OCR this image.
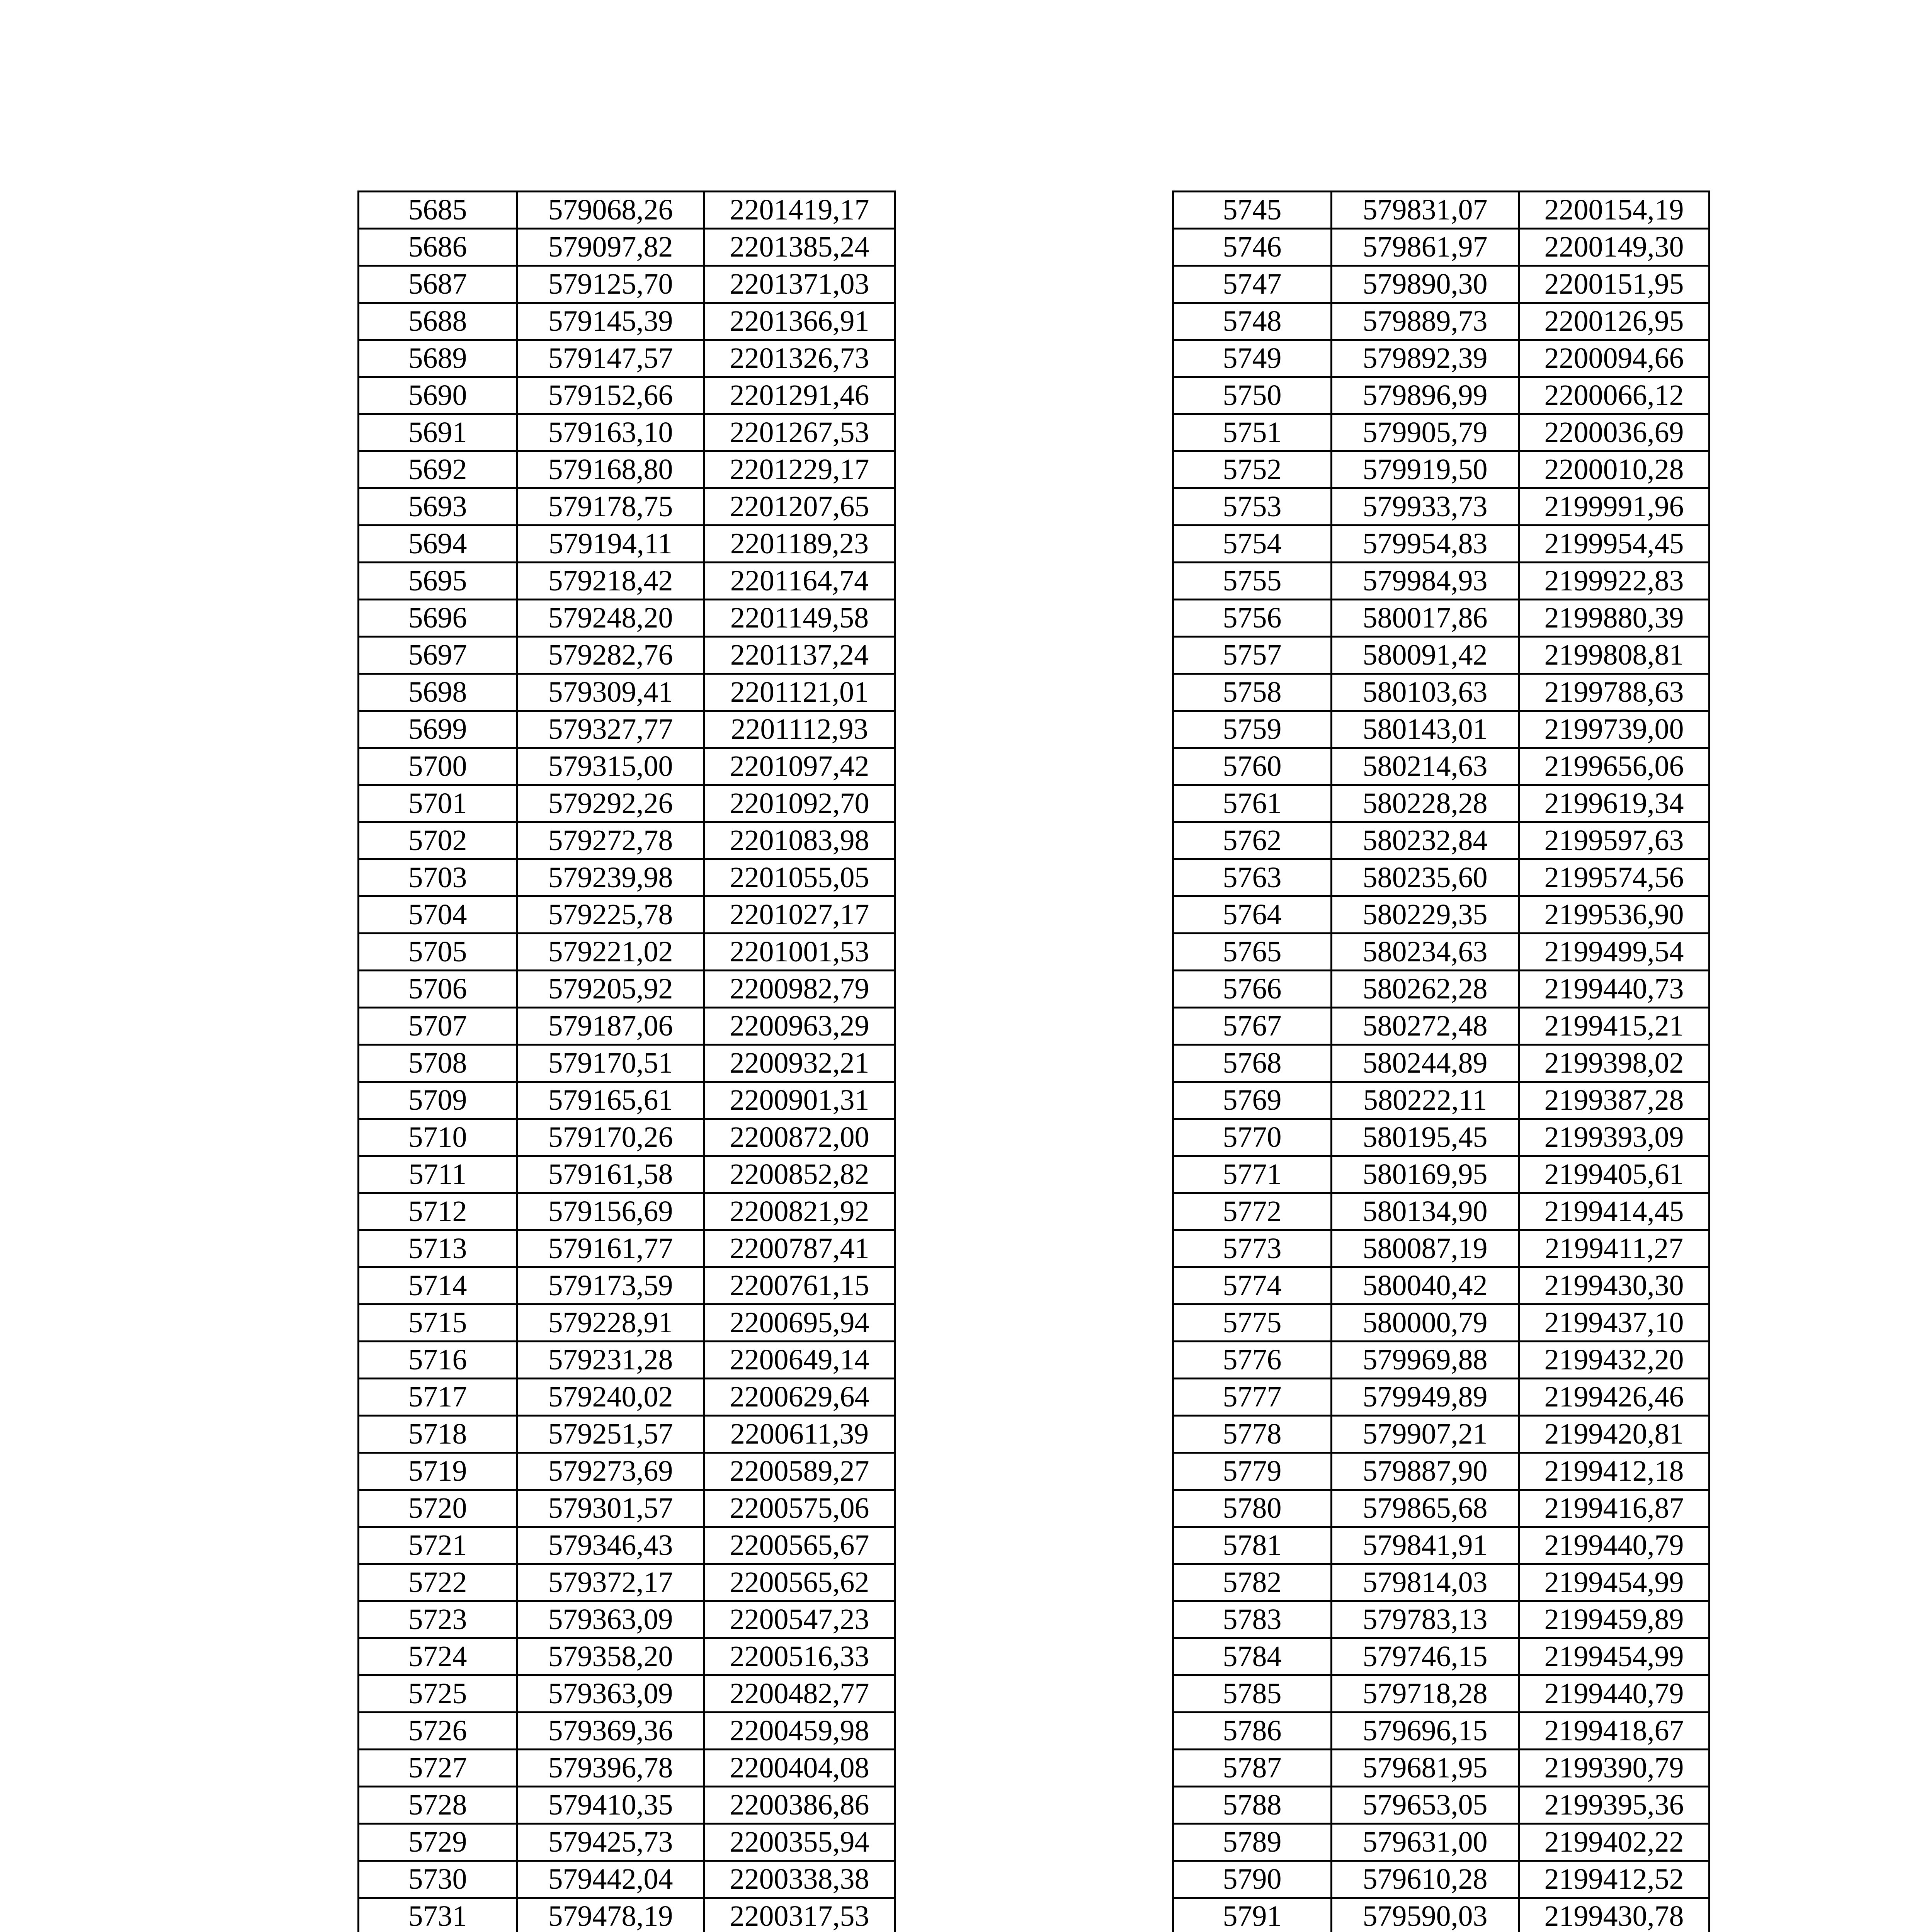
5685	579068,26	2201419,17
5686	579097,82	2201385,24
5687	579125,70	2201371,03
5688	579145,39	2201366,91
5689	579147,57	2201326,73
5690	579152,66	2201291,46
5691	579163,10	2201267,53
5692	579168,80	2201229,17
5693	579178,75	2201207,65
5694	579194,11	2201189,23
5695	579218,42	2201164,74
5696	579248,20	2201149,58
5697	579282,76	2201137,24
5698	579309,41	2201121,01
5699	579327,77	2201112,93
5700	579315,00	2201097,42
5701	579292,26	2201092,70
5702	579272,78	2201083,98
5703	579239,98	2201055,05
5704	579225,78	2201027,17
5705	579221,02	2201001,53
5706	579205,92	2200982,79
5707	579187,06	2200963,29
5708	579170,51	2200932,21
5709	579165,61	2200901,31
5710	579170,26	2200872,00
5711	579161,58	2200852,82
5712	579156,69	2200821,92
5713	579161,77	2200787,41
5714	579173,59	2200761,15
5715	579228,91	2200695,94
5716	579231,28	2200649,14
5717	579240,02	2200629,64
5718	579251,57	2200611,39
5719	579273,69	2200589,27
5720	579301,57	2200575,06
5721	579346,43	2200565,67
5722	579372,17	2200565,62
5723	579363,09	2200547,23
5724	579358,20	2200516,33
5725	579363,09	2200482,77
5726	579369,36	2200459,98
5727	579396,78	2200404,08
5728	579410,35	2200386,86
5729	579425,73	2200355,94
5730	579442,04	2200338,38
5731	579478,19	2200317,53

5745	579831,07	2200154,19
5746	579861,97	2200149,30
5747	579890,30	2200151,95
5748	579889,73	2200126,95
5749	579892,39	2200094,66
5750	579896,99	2200066,12
5751	579905,79	2200036,69
5752	579919,50	2200010,28
5753	579933,73	2199991,96
5754	579954,83	2199954,45
5755	579984,93	2199922,83
5756	580017,86	2199880,39
5757	580091,42	2199808,81
5758	580103,63	2199788,63
5759	580143,01	2199739,00
5760	580214,63	2199656,06
5761	580228,28	2199619,34
5762	580232,84	2199597,63
5763	580235,60	2199574,56
5764	580229,35	2199536,90
5765	580234,63	2199499,54
5766	580262,28	2199440,73
5767	580272,48	2199415,21
5768	580244,89	2199398,02
5769	580222,11	2199387,28
5770	580195,45	2199393,09
5771	580169,95	2199405,61
5772	580134,90	2199414,45
5773	580087,19	2199411,27
5774	580040,42	2199430,30
5775	580000,79	2199437,10
5776	579969,88	2199432,20
5777	579949,89	2199426,46
5778	579907,21	2199420,81
5779	579887,90	2199412,18
5780	579865,68	2199416,87
5781	579841,91	2199440,79
5782	579814,03	2199454,99
5783	579783,13	2199459,89
5784	579746,15	2199454,99
5785	579718,28	2199440,79
5786	579696,15	2199418,67
5787	579681,95	2199390,79
5788	579653,05	2199395,36
5789	579631,00	2199402,22
5790	579610,28	2199412,52
5791	579590,03	2199430,78
